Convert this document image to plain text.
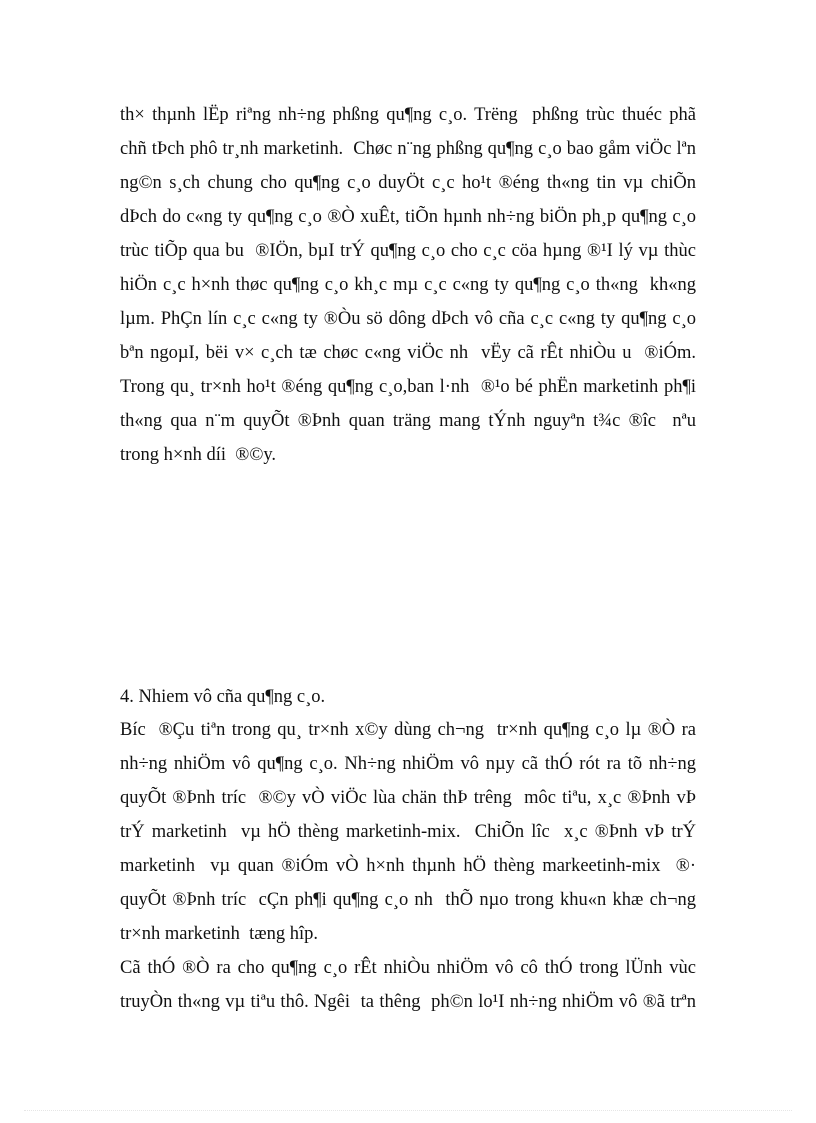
th× thµnh lËp riªng nh÷ng phßng qu¶ng c¸o. Trëng  phßng trùc thuéc phã
chñ tÞch phô tr¸nh marketinh.  Chøc n¨ng phßng qu¶ng c¸o bao gåm viÖc lªn
ng©n s¸ch chung cho qu¶ng c¸o duyÖt c¸c ho¹t ®éng th«ng tin vµ chiÕn
dÞch do c«ng ty qu¶ng c¸o ®Ò xuÊt, tiÕn hµnh nh÷ng biÖn ph¸p qu¶ng c¸o
trùc tiÕp qua bu  ®IÖn, bµI trÝ qu¶ng c¸o cho c¸c cöa hµng ®¹I lý vµ thùc
hiÖn c¸c h×nh thøc qu¶ng c¸o kh¸c mµ c¸c c«ng ty qu¶ng c¸o th«ng  kh«ng
lµm. PhÇn lín c¸c c«ng ty ®Òu sö dông dÞch vô cña c¸c c«ng ty qu¶ng c¸o
bªn ngoµI, bëi v× c¸ch tæ chøc c«ng viÖc nh  vËy cã rÊt nhiÒu u  ®iÓm.
Trong qu¸ tr×nh ho¹t ®éng qu¶ng c¸o,ban l·nh  ®¹o bé phËn marketinh ph¶i
th«ng qua n¨m quyÕt ®Þnh quan träng mang tÝnh nguyªn t¾c ®îc  nªu
trong h×nh díi  ®©y.
4. Nhiem vô cña qu¶ng c¸o.
Bíc  ®Çu tiªn trong qu¸ tr×nh x©y dùng ch¬ng  tr×nh qu¶ng c¸o lµ ®Ò ra
nh÷ng nhiÖm vô qu¶ng c¸o. Nh÷ng nhiÖm vô nµy cã thÓ rót ra tõ nh÷ng
quyÕt ®Þnh tríc  ®©y vÒ viÖc lùa chän thÞ trêng  môc tiªu, x¸c ®Þnh vÞ
trÝ marketinh  vµ hÖ thèng marketinh-mix.  ChiÕn lîc  x¸c ®Þnh vÞ trÝ
marketinh  vµ quan ®iÓm vÒ h×nh thµnh hÖ thèng markeetinh-mix  ®·
quyÕt ®Þnh tríc  cÇn ph¶i qu¶ng c¸o nh  thÕ nµo trong khu«n khæ ch¬ng
tr×nh marketinh  tæng hîp.
Cã thÓ ®Ò ra cho qu¶ng c¸o rÊt nhiÒu nhiÖm vô cô thÓ trong lÜnh vùc
truyÒn th«ng vµ tiªu thô. Ngêi  ta thêng  ph©n lo¹I nh÷ng nhiÖm vô ®ã trªn
